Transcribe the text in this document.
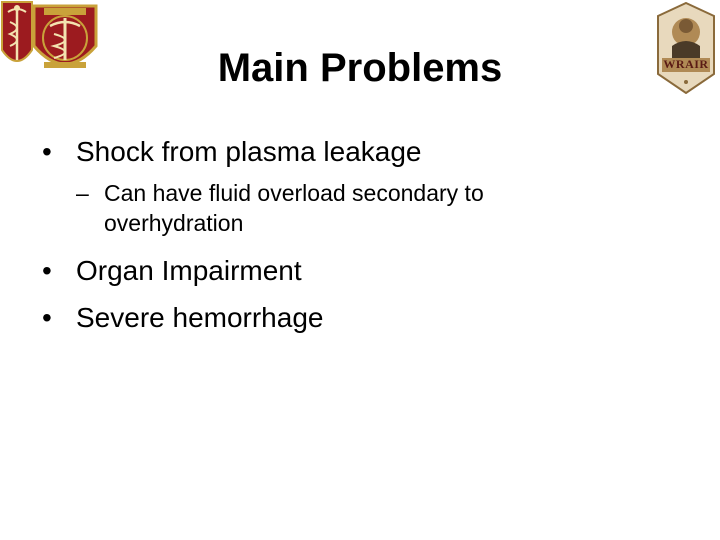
WRAIR
Main Problems
• Shock from plasma leakage
– Can have fluid overload secondary to
overhydration
• Organ Impairment
• Severe hemorrhage
